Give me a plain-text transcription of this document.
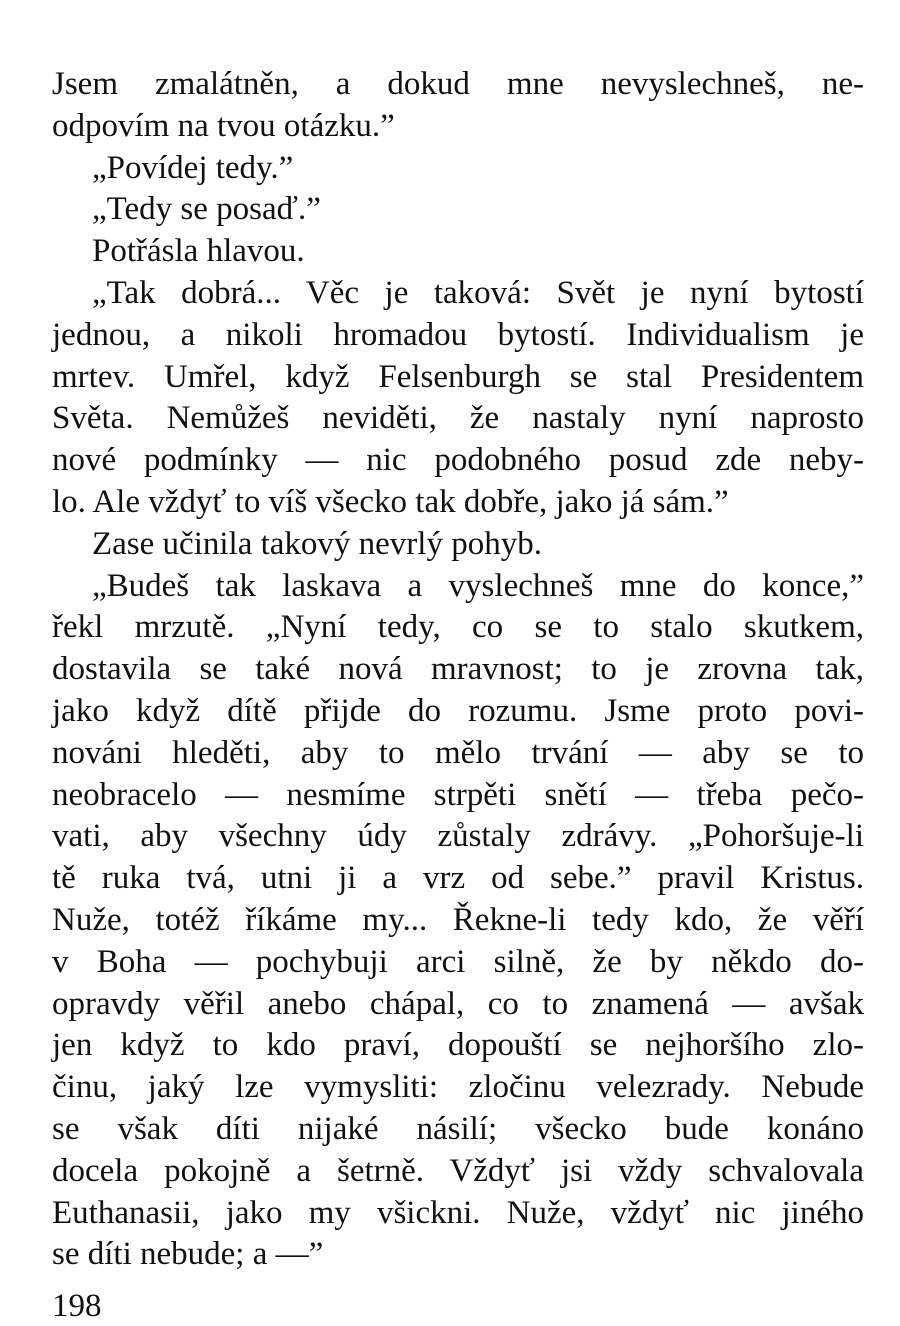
Jsem zmalátněn, a dokud mne nevyslechneš, ne-
odpovím na tvou otázku.”
„Povídej tedy.”
„Tedy se posaď.”
Potřásla hlavou.
„Tak dobrá... Věc je taková: Svět je nyní bytostí
jednou, a nikoli hromadou bytostí. Individualism je
mrtev. Umřel, když Felsenburgh se stal Presidentem
Světa. Nemůžeš neviděti, že nastaly nyní naprosto
nové podmínky — nic podobného posud zde neby-
lo. Ale vždyť to víš všecko tak dobře, jako já sám.”
Zase učinila takový nevrlý pohyb.
„Budeš tak laskava a vyslechneš mne do konce,”
řekl mrzutě. „Nyní tedy, co se to stalo skutkem,
dostavila se také nová mravnost; to je zrovna tak,
jako když dítě přijde do rozumu. Jsme proto povi-
nováni hleděti, aby to mělo trvání — aby se to
neobracelo — nesmíme strpěti snětí — třeba pečo-
vati, aby všechny údy zůstaly zdrávy. „Pohoršuje-li
tě ruka tvá, utni ji a vrz od sebe.” pravil Kristus.
Nuže, totéž říkáme my... Řekne-li tedy kdo, že věří
v Boha — pochybuji arci silně, že by někdo do-
opravdy věřil anebo chápal, co to znamená — avšak
jen když to kdo praví, dopouští se nejhoršího zlo-
činu, jaký lze vymysliti: zločinu velezrady. Nebude
se však díti nijaké násilí; všecko bude konáno
docela pokojně a šetrně. Vždyť jsi vždy schvalovala
Euthanasii, jako my všickni. Nuže, vždyť nic jiného
se díti nebude; a —”
198
